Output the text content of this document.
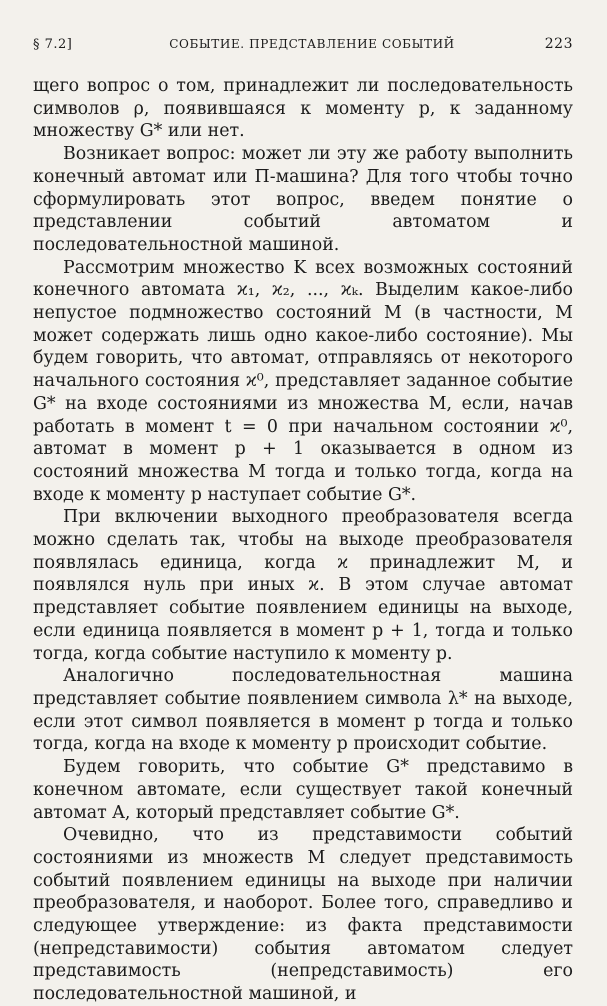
§ 7.2]	СОБЫТИЕ. ПРЕДСТАВЛЕНИЕ СОБЫТИЙ	223

щего вопрос о том, принадлежит ли последовательность символов ρ, появившаяся к моменту p, к заданному множеству G* или нет.

Возникает вопрос: может ли эту же работу выполнить конечный автомат или П-машина? Для того чтобы точно сформулировать этот вопрос, введем понятие о представлении событий автоматом и последовательностной машиной.

Рассмотрим множество K всех возможных состояний конечного автомата ϰ₁, ϰ₂, ..., ϰₖ. Выделим какое-либо непустое подмножество состояний M (в частности, M может содержать лишь одно какое-либо состояние). Мы будем говорить, что автомат, отправляясь от некоторого начального состояния ϰ⁰, представляет заданное событие G* на входе состояниями из множества M, если, начав работать в момент t = 0 при начальном состоянии ϰ⁰, автомат в момент p + 1 оказывается в одном из состояний множества M тогда и только тогда, когда на входе к моменту p наступает событие G*.

При включении выходного преобразователя всегда можно сделать так, чтобы на выходе преобразователя появлялась единица, когда ϰ принадлежит M, и появлялся нуль при иных ϰ. В этом случае автомат представляет событие появлением единицы на выходе, если единица появляется в момент p + 1, тогда и только тогда, когда событие наступило к моменту p.

Аналогично последовательностная машина представляет событие появлением символа λ* на выходе, если этот символ появляется в момент p тогда и только тогда, когда на входе к моменту p происходит событие.

Будем говорить, что событие G* представимо в конечном автомате, если существует такой конечный автомат A, который представляет событие G*.

Очевидно, что из представимости событий состояниями из множеств M следует представимость событий появлением единицы на выходе при наличии преобразователя, и наоборот. Более того, справедливо и следующее утверждение: из факта представимости (непредставимости) события автоматом следует представимость (непредставимость) его последовательностной машиной, и
